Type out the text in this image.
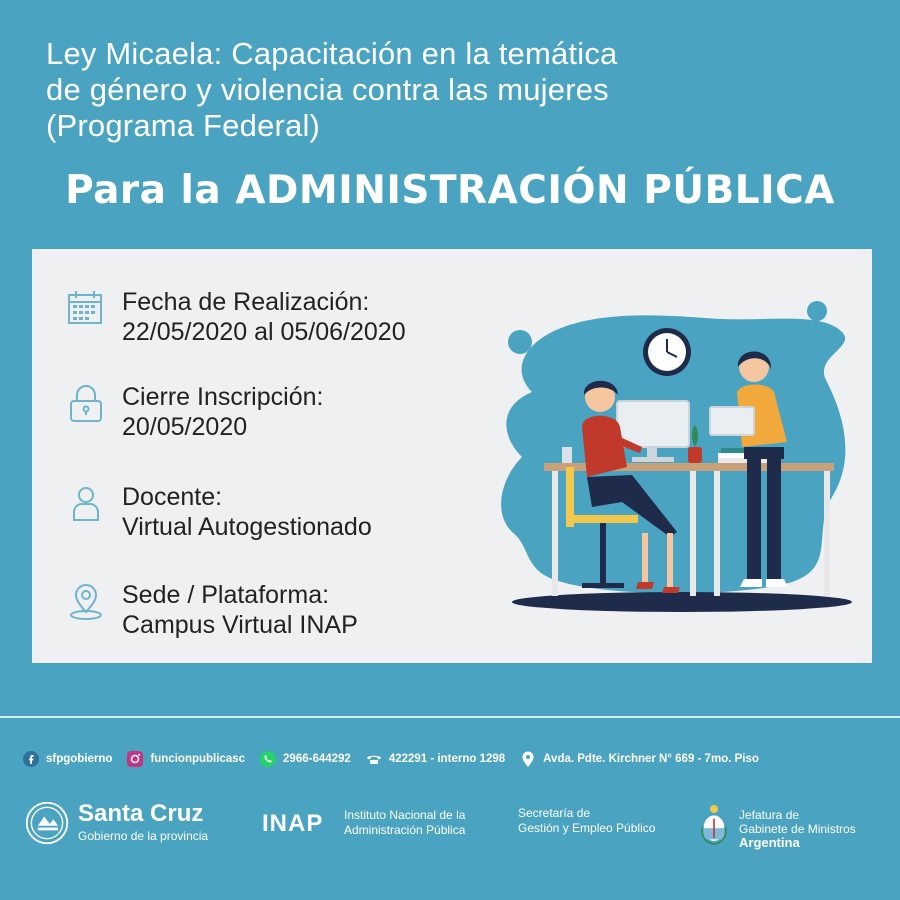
Ley Micaela: Capacitación en la temática
de género y violencia contra las mujeres
(Programa Federal)
Para la ADMINISTRACIÓN PÚBLICA
Fecha de Realización:
22/05/2020 al 05/06/2020
Cierre Inscripción:
20/05/2020
Docente:
Virtual Autogestionado
Sede / Plataforma:
Campus Virtual INAP
sfpgobierno	funcionpublicasc	2966-644292	422291 - interno 1298	Avda. Pdte. Kirchner N° 669 - 7mo. Piso
Santa Cruz
Gobierno de la provincia INAP Instituto Nacional de la
Administración Pública
Secretaría de
Gestión y Empleo Público
Jefatura de
Gabinete de Ministros
Argentina
